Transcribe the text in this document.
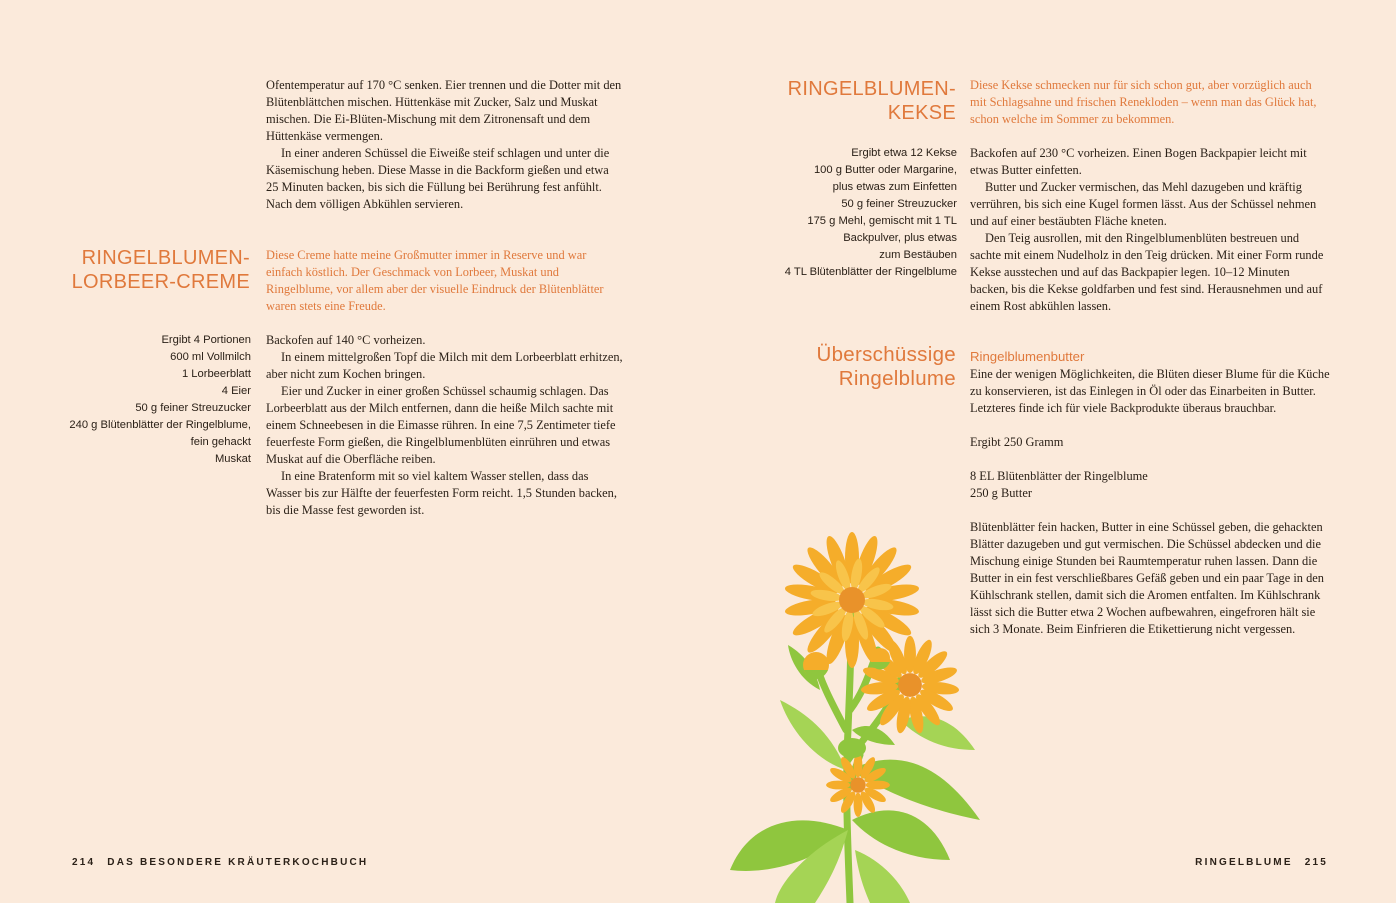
Ofentemperatur auf 170 °C senken. Eier trennen und die Dotter mit den Blütenblättchen mischen. Hüttenkäse mit Zucker, Salz und Muskat mischen. Die Ei-Blüten-Mischung mit dem Zitronensaft und dem Hüttenkäse vermengen.

In einer anderen Schüssel die Eiweiße steif schlagen und unter die Käsemischung heben. Diese Masse in die Backform gießen und etwa 25 Minuten backen, bis sich die Füllung bei Berührung fest anfühlt. Nach dem völligen Abkühlen servieren.

RINGELBLUMEN-
LORBEER-CREME

Diese Creme hatte meine Großmutter immer in Reserve und war einfach köstlich. Der Geschmack von Lorbeer, Muskat und Ringelblume, vor allem aber der visuelle Eindruck der Blütenblätter waren stets eine Freude.

Ergibt 4 Portionen
600 ml Vollmilch
1 Lorbeerblatt
4 Eier
50 g feiner Streuzucker
240 g Blütenblätter der Ringelblume,
fein gehackt
Muskat

Backofen auf 140 °C vorheizen.

In einem mittelgroßen Topf die Milch mit dem Lorbeerblatt erhitzen, aber nicht zum Kochen bringen.

Eier und Zucker in einer großen Schüssel schaumig schlagen. Das Lorbeerblatt aus der Milch entfernen, dann die heiße Milch sachte mit einem Schneebesen in die Eimasse rühren. In eine 7,5 Zentimeter tiefe feuerfeste Form gießen, die Ringelblumenblüten einrühren und etwas Muskat auf die Oberfläche reiben.

In eine Bratenform mit so viel kaltem Wasser stellen, dass das Wasser bis zur Hälfte der feuerfesten Form reicht. 1,5 Stunden backen, bis die Masse fest geworden ist.

214 DAS BESONDERE KRÄUTERKOCHBUCH
RINGELBLUMEN-
KEKSE

Diese Kekse schmecken nur für sich schon gut, aber vorzüglich auch mit Schlagsahne und frischen Renekloden – wenn man das Glück hat, schon welche im Sommer zu bekommen.

Ergibt etwa 12 Kekse
100 g Butter oder Margarine,
plus etwas zum Einfetten
50 g feiner Streuzucker
175 g Mehl, gemischt mit 1 TL
Backpulver, plus etwas
zum Bestäuben
4 TL Blütenblätter der Ringelblume

Backofen auf 230 °C vorheizen. Einen Bogen Backpapier leicht mit etwas Butter einfetten.

Butter und Zucker vermischen, das Mehl dazugeben und kräftig verrühren, bis sich eine Kugel formen lässt. Aus der Schüssel nehmen und auf einer bestäubten Fläche kneten.

Den Teig ausrollen, mit den Ringelblumenblüten bestreuen und sachte mit einem Nudelholz in den Teig drücken. Mit einer Form runde Kekse ausstechen und auf das Backpapier legen. 10–12 Minuten backen, bis die Kekse goldfarben und fest sind. Herausnehmen und auf einem Rost abkühlen lassen.

Überschüssige
Ringelblume
Ringelblumenbutter

Eine der wenigen Möglichkeiten, die Blüten dieser Blume für die Küche zu konservieren, ist das Einlegen in Öl oder das Einarbeiten in Butter. Letzteres finde ich für viele Backprodukte überaus brauchbar.

Ergibt 250 Gramm

8 EL Blütenblätter der Ringelblume

250 g Butter

Blütenblätter fein hacken, Butter in eine Schüssel geben, die gehackten Blätter dazugeben und gut vermischen. Die Schüssel abdecken und die Mischung einige Stunden bei Raumtemperatur ruhen lassen. Dann die Butter in ein fest verschließbares Gefäß geben und ein paar Tage in den Kühlschrank stellen, damit sich die Aromen entfalten. Im Kühlschrank lässt sich die Butter etwa 2 Wochen aufbewahren, eingefroren hält sie sich 3 Monate. Beim Einfrieren die Etikettierung nicht vergessen.

RINGELBLUME 215
